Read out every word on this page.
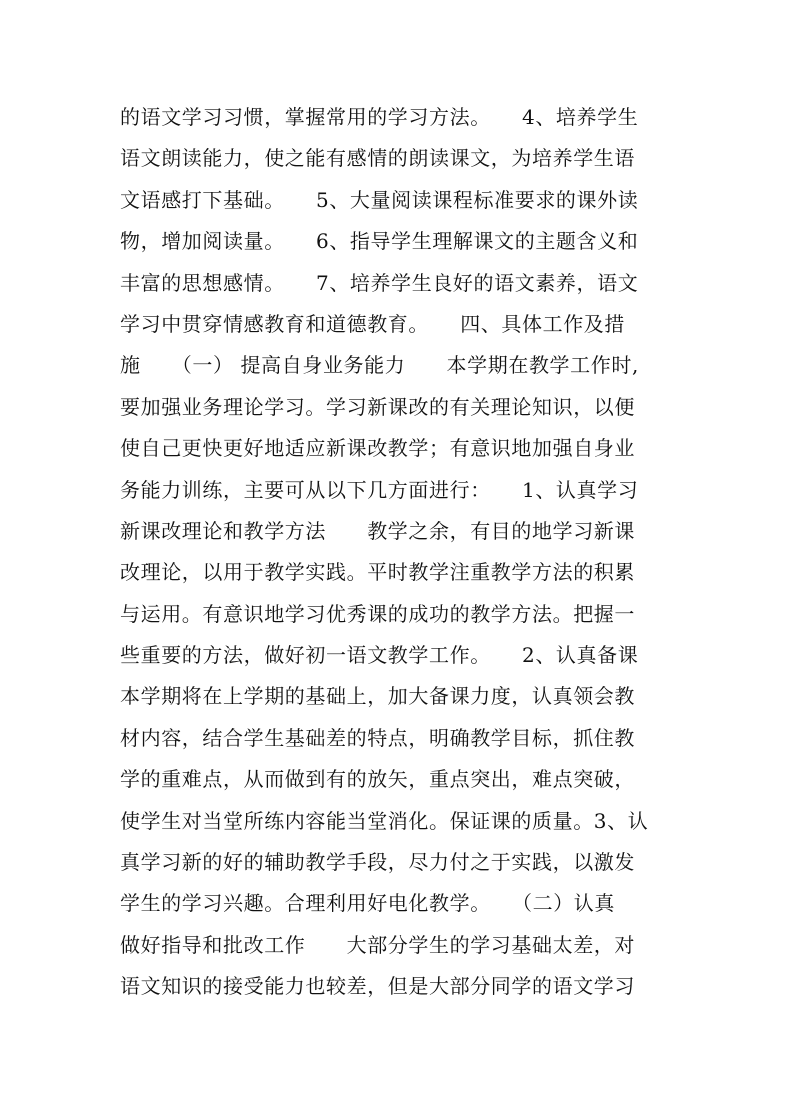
的语文学习习惯，掌握常用的学习方法。　　4、培养学生
语文朗读能力，使之能有感情的朗读课文，为培养学生语
文语感打下基础。　　5、大量阅读课程标准要求的课外读
物，增加阅读量。　　6、指导学生理解课文的主题含义和
丰富的思想感情。　　7、培养学生良好的语文素养，语文
学习中贯穿情感教育和道德教育。　　四、具体工作及措
施　　（一） 提高自身业务能力　　本学期在教学工作时,
要加强业务理论学习。学习新课改的有关理论知识，以便
使自己更快更好地适应新课改教学；有意识地加强自身业
务能力训练，主要可从以下几方面进行：　　1、认真学习
新课改理论和教学方法　　教学之余，有目的地学习新课
改理论，以用于教学实践。平时教学注重教学方法的积累
与运用。有意识地学习优秀课的成功的教学方法。把握一
些重要的方法，做好初一语文教学工作。　　2、认真备课
本学期将在上学期的基础上，加大备课力度，认真领会教
材内容，结合学生基础差的特点，明确教学目标，抓住教
学的重难点，从而做到有的放矢，重点突出，难点突破，
使学生对当堂所练内容能当堂消化。保证课的质量。3、认
真学习新的好的辅助教学手段，尽力付之于实践，以激发
学生的学习兴趣。合理利用好电化教学。　　（二）认真
做好指导和批改工作　　大部分学生的学习基础太差，对
语文知识的接受能力也较差，但是大部分同学的语文学习
